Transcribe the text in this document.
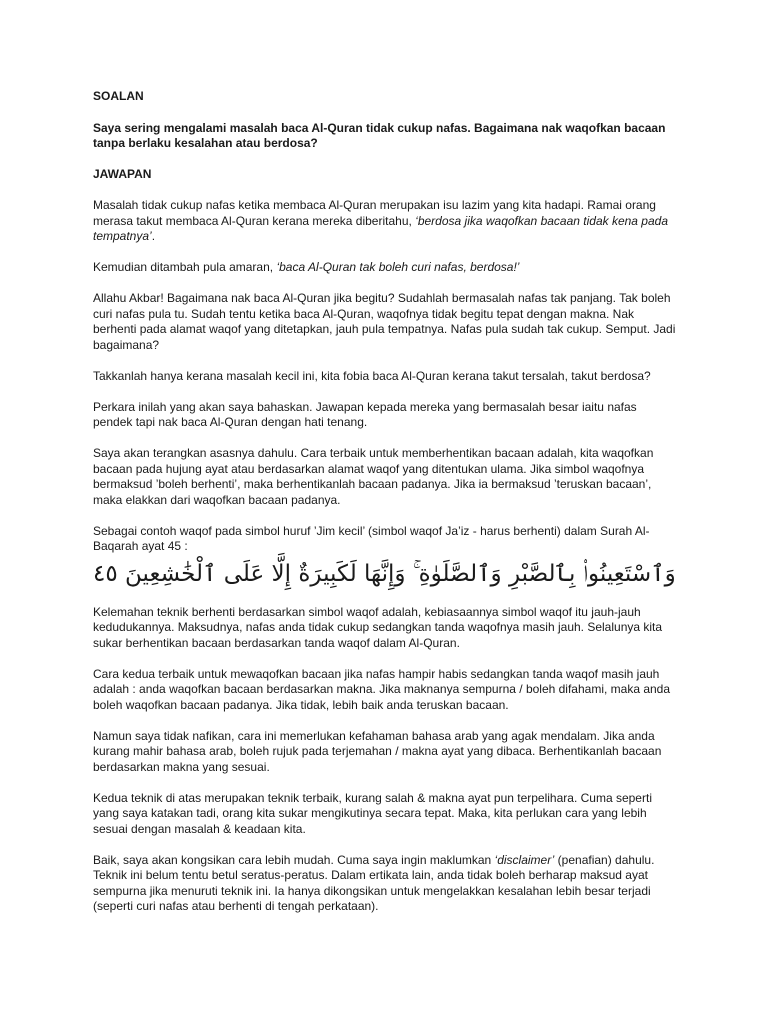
SOALAN
Saya sering mengalami masalah baca Al-Quran tidak cukup nafas. Bagaimana nak waqofkan bacaan tanpa berlaku kesalahan atau berdosa?
JAWAPAN

Masalah tidak cukup nafas ketika membaca Al-Quran merupakan isu lazim yang kita hadapi. Ramai orang merasa takut membaca Al-Quran kerana mereka diberitahu, ‘berdosa jika waqofkan bacaan tidak kena pada tempatnya’.

Kemudian ditambah pula amaran, ‘baca Al-Quran tak boleh curi nafas, berdosa!’

Allahu Akbar! Bagaimana nak baca Al-Quran jika begitu? Sudahlah bermasalah nafas tak panjang. Tak boleh curi nafas pula tu. Sudah tentu ketika baca Al-Quran, waqofnya tidak begitu tepat dengan makna. Nak berhenti pada alamat waqof yang ditetapkan, jauh pula tempatnya. Nafas pula sudah tak cukup. Semput. Jadi bagaimana?

Takkanlah hanya kerana masalah kecil ini, kita fobia baca Al-Quran kerana takut tersalah, takut berdosa?

Perkara inilah yang akan saya bahaskan. Jawapan kepada mereka yang bermasalah besar iaitu nafas pendek tapi nak baca Al-Quran dengan hati tenang.

Saya akan terangkan asasnya dahulu. Cara terbaik untuk memberhentikan bacaan adalah, kita waqofkan bacaan pada hujung ayat atau berdasarkan alamat waqof yang ditentukan ulama. Jika simbol waqofnya bermaksud ’boleh berhenti’, maka berhentikanlah bacaan padanya. Jika ia bermaksud ’teruskan bacaan’, maka elakkan dari waqofkan bacaan padanya.

Sebagai contoh waqof pada simbol huruf ’Jim kecil’ (simbol waqof Ja’iz - harus berhenti) dalam Surah Al-Baqarah ayat 45 :

وَٱسْتَعِينُوا۟ بِٱلصَّبْرِ وَٱلصَّلَوٰةِ ۚ وَإِنَّهَا لَكَبِيرَةٌ إِلَّا عَلَى ٱلْخَٰشِعِينَ ٤٥

Kelemahan teknik berhenti berdasarkan simbol waqof adalah, kebiasaannya simbol waqof itu jauh-jauh kedudukannya. Maksudnya, nafas anda tidak cukup sedangkan tanda waqofnya masih jauh. Selalunya kita sukar berhentikan bacaan berdasarkan tanda waqof dalam Al-Quran.

Cara kedua terbaik untuk mewaqofkan bacaan jika nafas hampir habis sedangkan tanda waqof masih jauh adalah : anda waqofkan bacaan berdasarkan makna. Jika maknanya sempurna / boleh difahami, maka anda boleh waqofkan bacaan padanya. Jika tidak, lebih baik anda teruskan bacaan.

Namun saya tidak nafikan, cara ini memerlukan kefahaman bahasa arab yang agak mendalam. Jika anda kurang mahir bahasa arab, boleh rujuk pada terjemahan / makna ayat yang dibaca. Berhentikanlah bacaan berdasarkan makna yang sesuai.

Kedua teknik di atas merupakan teknik terbaik, kurang salah & makna ayat pun terpelihara. Cuma seperti yang saya katakan tadi, orang kita sukar mengikutinya secara tepat. Maka, kita perlukan cara yang lebih sesuai dengan masalah & keadaan kita.

Baik, saya akan kongsikan cara lebih mudah. Cuma saya ingin maklumkan ‘disclaimer’ (penafian) dahulu. Teknik ini belum tentu betul seratus-peratus. Dalam ertikata lain, anda tidak boleh berharap maksud ayat sempurna jika menuruti teknik ini. Ia hanya dikongsikan untuk mengelakkan kesalahan lebih besar terjadi (seperti curi nafas atau berhenti di tengah perkataan).
